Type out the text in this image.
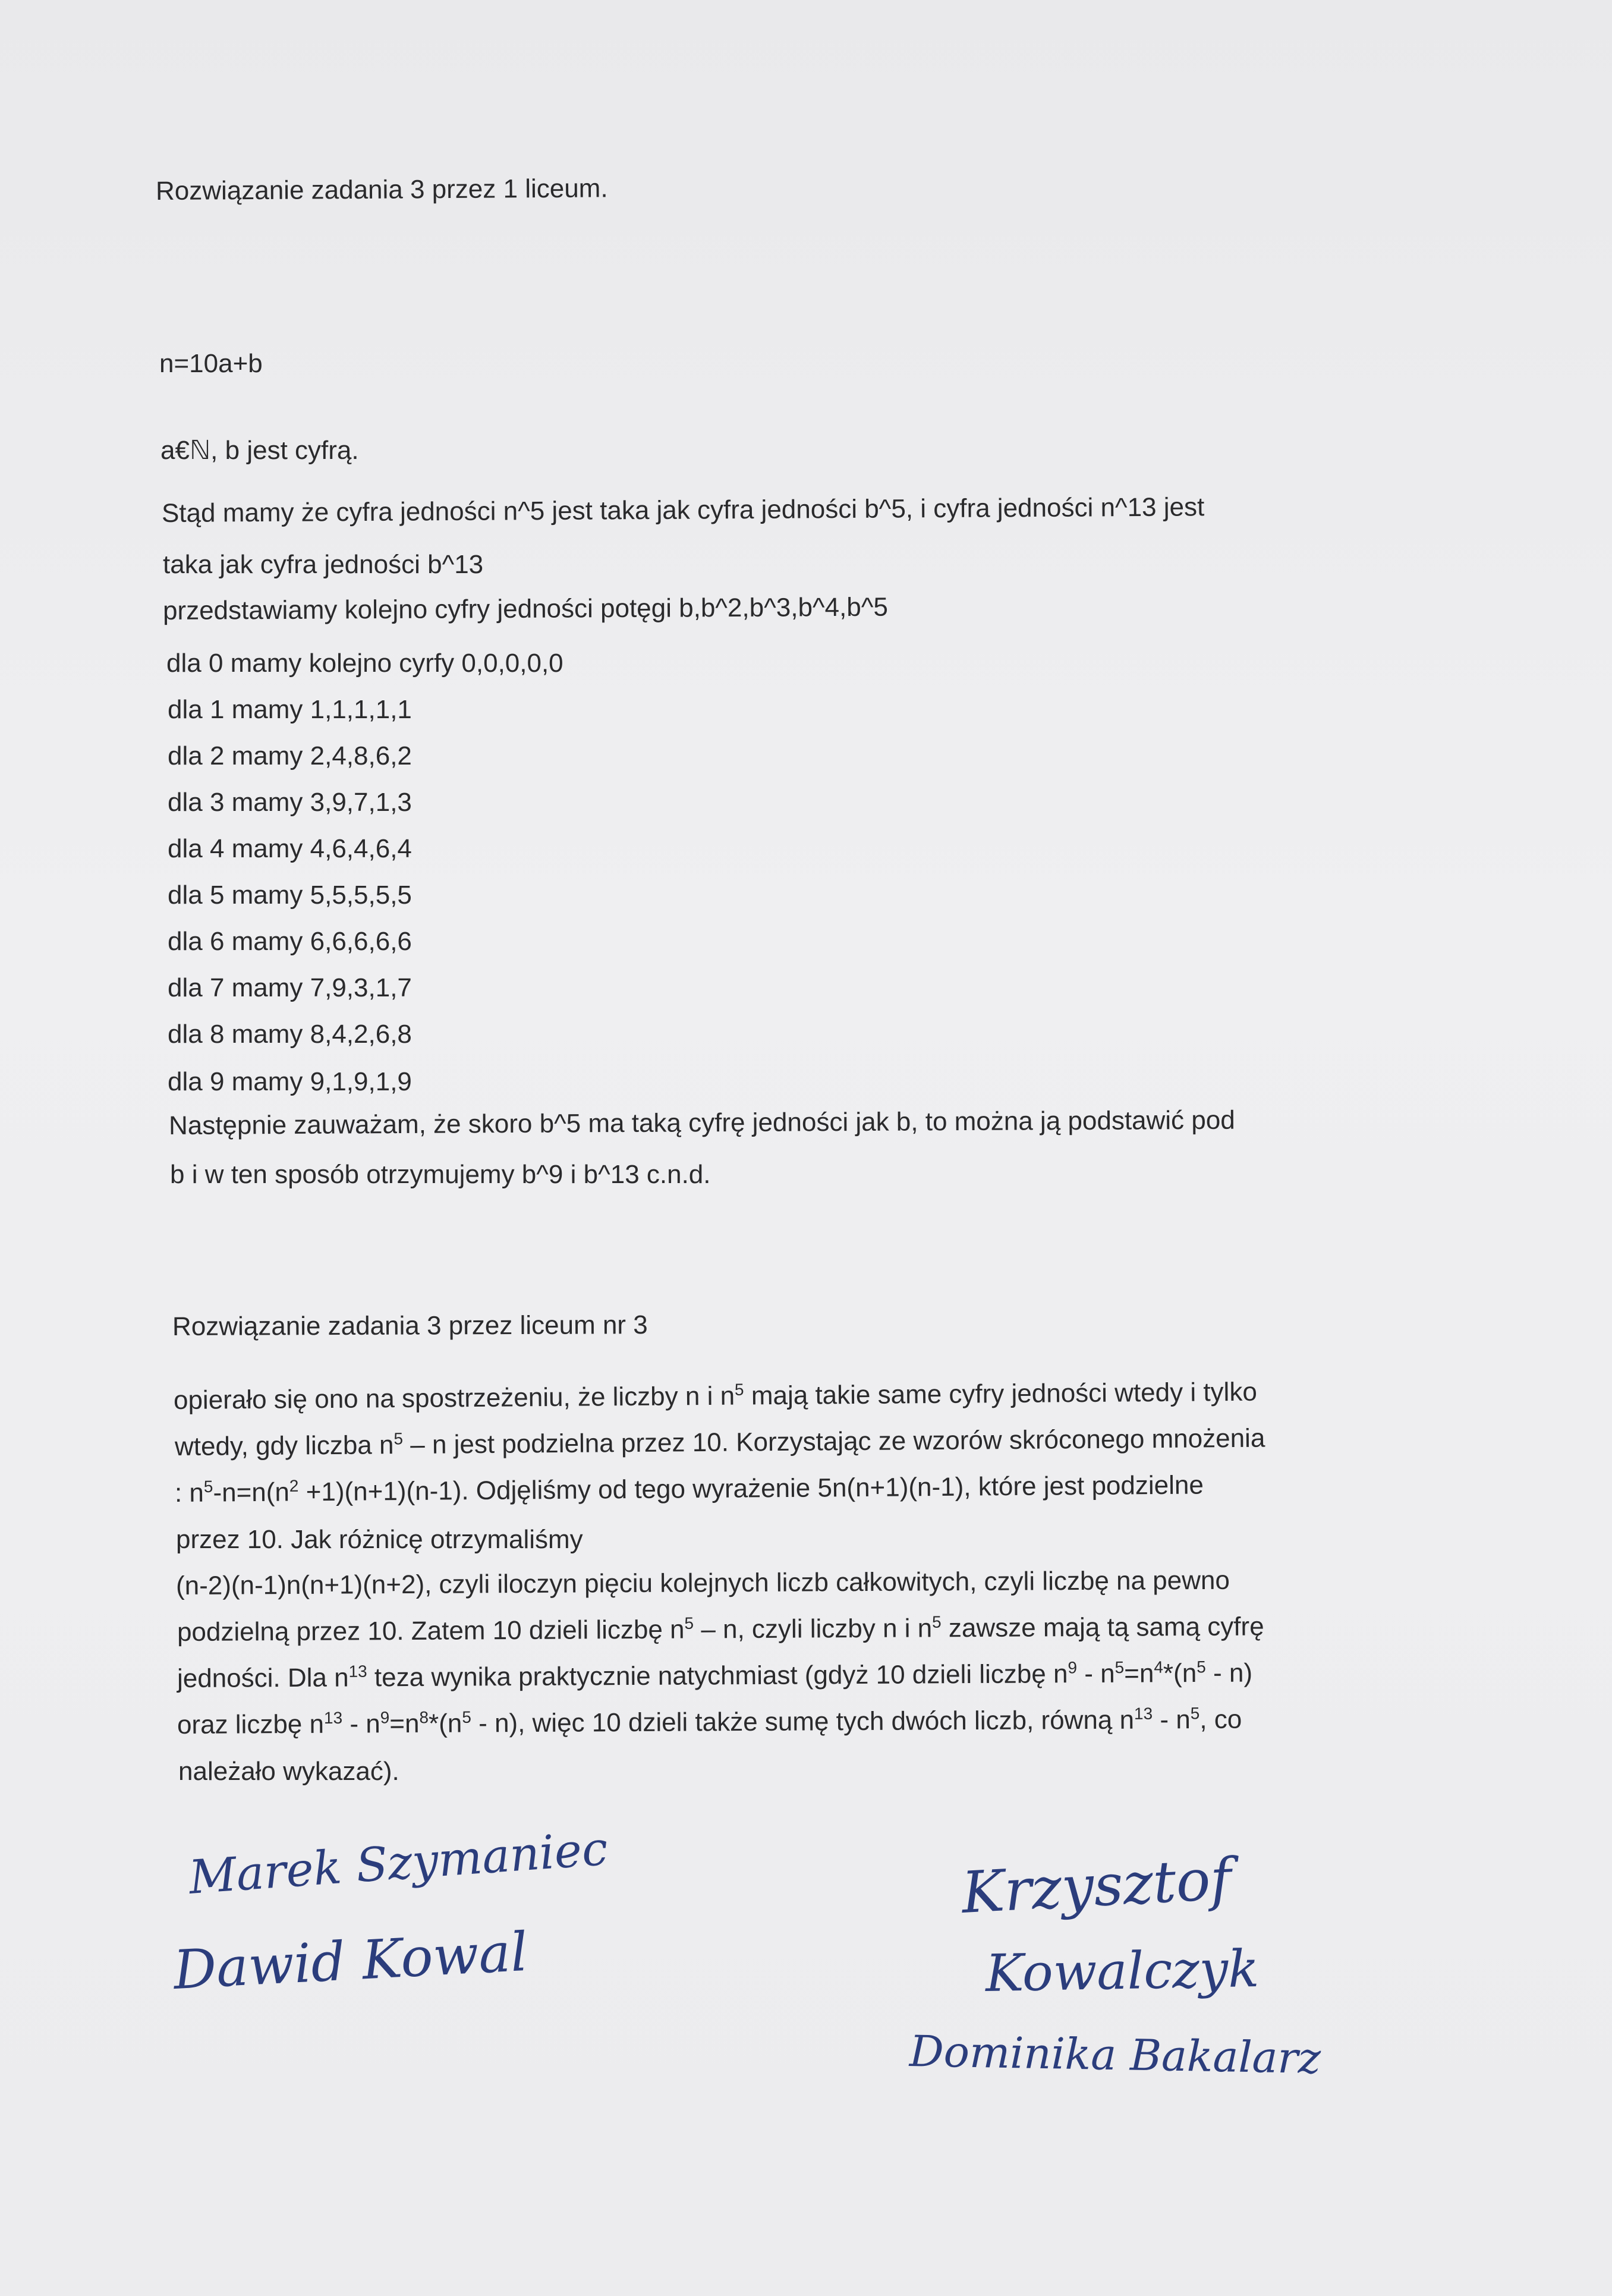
Rozwiązanie zadania 3 przez 1 liceum.
n=10a+b
a€ℕ, b jest cyfrą.
Stąd mamy że cyfra jedności n^5 jest taka jak cyfra jedności b^5, i cyfra jedności n^13 jest
taka jak cyfra jedności b^13
przedstawiamy kolejno cyfry jedności potęgi b,b^2,b^3,b^4,b^5
dla 0 mamy kolejno cyrfy 0,0,0,0,0
dla 1 mamy 1,1,1,1,1
dla 2 mamy 2,4,8,6,2
dla 3 mamy 3,9,7,1,3
dla 4 mamy 4,6,4,6,4
dla 5 mamy 5,5,5,5,5
dla 6 mamy 6,6,6,6,6
dla 7 mamy 7,9,3,1,7
dla 8 mamy 8,4,2,6,8
dla 9 mamy 9,1,9,1,9
Następnie zauważam, że skoro b^5 ma taką cyfrę jedności jak b, to można ją podstawić pod
b i w ten sposób otrzymujemy b^9 i b^13 c.n.d.
Rozwiązanie zadania 3 przez liceum nr 3
opierało się ono na spostrzeżeniu, że liczby n i $n^5$ mają takie same cyfry jedności wtedy i tylko
wtedy, gdy liczba $n^5$ – n jest podzielna przez 10. Korzystając ze wzorów skróconego mnożenia
: $n^5-n=n(n^2 +1)(n+1)(n-1)$. Odjęliśmy od tego wyrażenie 5n(n+1)(n-1), które jest podzielne
przez 10. Jak różnicę otrzymaliśmy
(n-2)(n-1)n(n+1)(n+2), czyli iloczyn pięciu kolejnych liczb całkowitych, czyli liczbę na pewno
podzielną przez 10. Zatem 10 dzieli liczbę $n^5$ – n, czyli liczby n i $n^5$ zawsze mają tą samą cyfrę
jedności. Dla $n^{13}$ teza wynika praktycznie natychmiast (gdyż 10 dzieli liczbę $n^9 - n^5=n^4*(n^5 - n)$
oraz liczbę $n^{13} - n^9=n^8*(n^5 - n)$, więc 10 dzieli także sumę tych dwóch liczb, równą $n^{13} - n^5$, co
należało wykazać).
Marek Szymaniec
Dawid Kowal
Krzysztof
Kowalczyk
Dominika Bakalarz
